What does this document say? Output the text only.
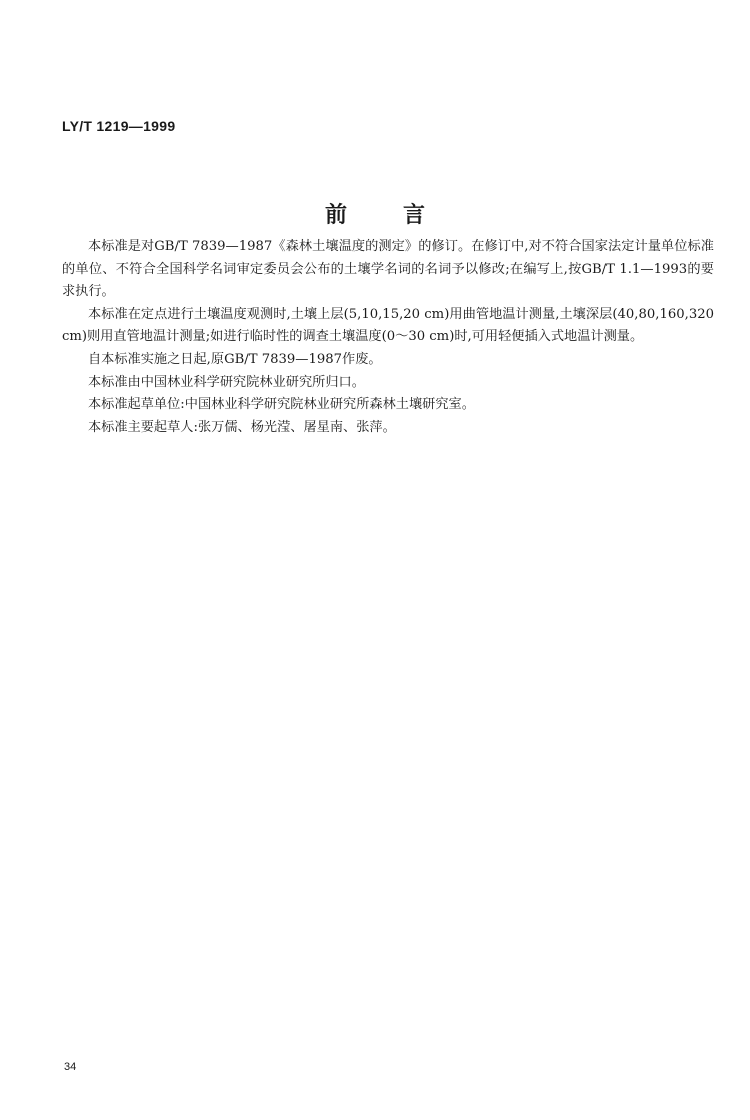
LY/T 1219—1999
前言

本标准是对GB/T 7839—1987《森林土壤温度的测定》的修订。在修订中,对不符合国家法定计量单位标准的单位、不符合全国科学名词审定委员会公布的土壤学名词的名词予以修改;在编写上,按GB/T 1.1—1993的要求执行。

本标准在定点进行土壤温度观测时,土壤上层(5,10,15,20 cm)用曲管地温计测量,土壤深层(40,80,160,320 cm)则用直管地温计测量;如进行临时性的调查土壤温度(0～30 cm)时,可用轻便插入式地温计测量。

自本标准实施之日起,原GB/T 7839—1987作废。

本标准由中国林业科学研究院林业研究所归口。

本标准起草单位:中国林业科学研究院林业研究所森林土壤研究室。

本标准主要起草人:张万儒、杨光滢、屠星南、张萍。

34
